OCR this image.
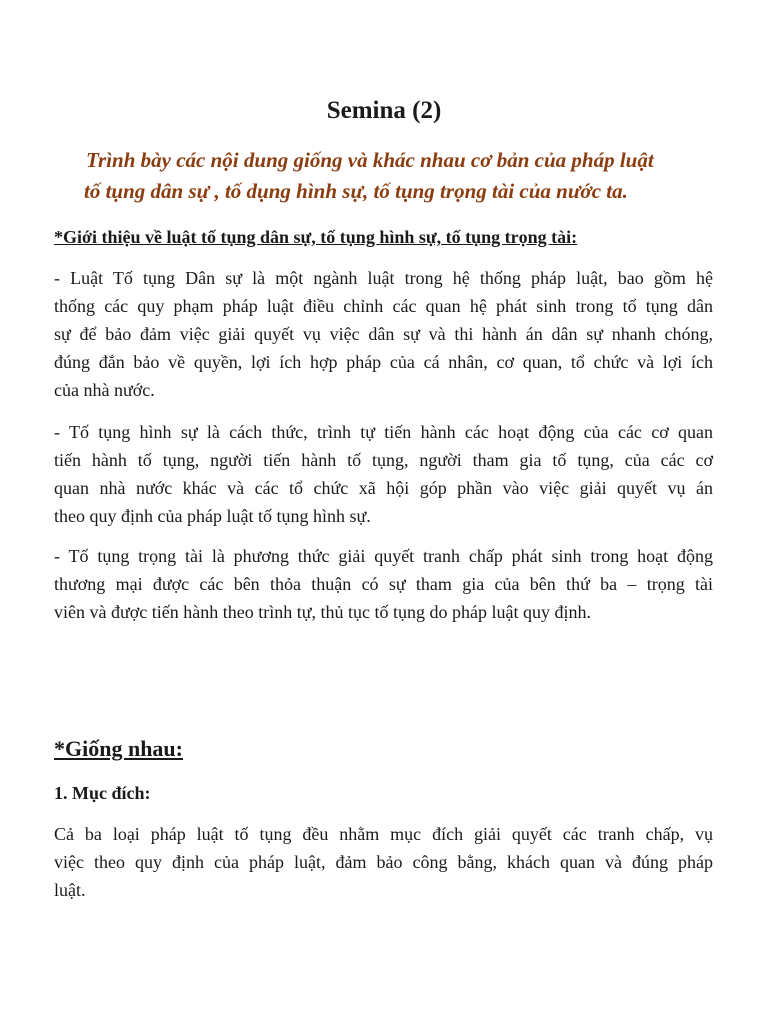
Semina (2)
Trình bày các nội dung giống và khác nhau cơ bản của pháp luật
tố tụng dân sự , tố dụng hình sự, tố tụng trọng tài của nước ta.
*Giới thiệu về luật tố tụng dân sự, tố tụng hình sự, tố tụng trọng tài:
- Luật Tố tụng Dân sự là một ngành luật trong hệ thống pháp luật, bao gồm hệ
thống các quy phạm pháp luật điều chỉnh các quan hệ phát sinh trong tố tụng dân
sự để bảo đảm việc giải quyết vụ việc dân sự và thi hành án dân sự nhanh chóng,
đúng đắn bảo về quyền, lợi ích hợp pháp của cá nhân, cơ quan, tổ chức và lợi ích
của nhà nước.
- Tố tụng hình sự là cách thức, trình tự tiến hành các hoạt động của các cơ quan
tiến hành tố tụng, người tiến hành tố tụng, người tham gia tố tụng, của các cơ
quan nhà nước khác và các tổ chức xã hội góp phần vào việc giải quyết vụ án
theo quy định của pháp luật tố tụng hình sự.
- Tố tụng trọng tài là phương thức giải quyết tranh chấp phát sinh trong hoạt động
thương mại được các bên thỏa thuận có sự tham gia của bên thứ ba – trọng tài
viên và được tiến hành theo trình tự, thủ tục tố tụng do pháp luật quy định.
*Giống nhau:
1. Mục đích:
Cả ba loại pháp luật tố tụng đều nhằm mục đích giải quyết các tranh chấp, vụ
việc theo quy định của pháp luật, đảm bảo công bằng, khách quan và đúng pháp
luật.
